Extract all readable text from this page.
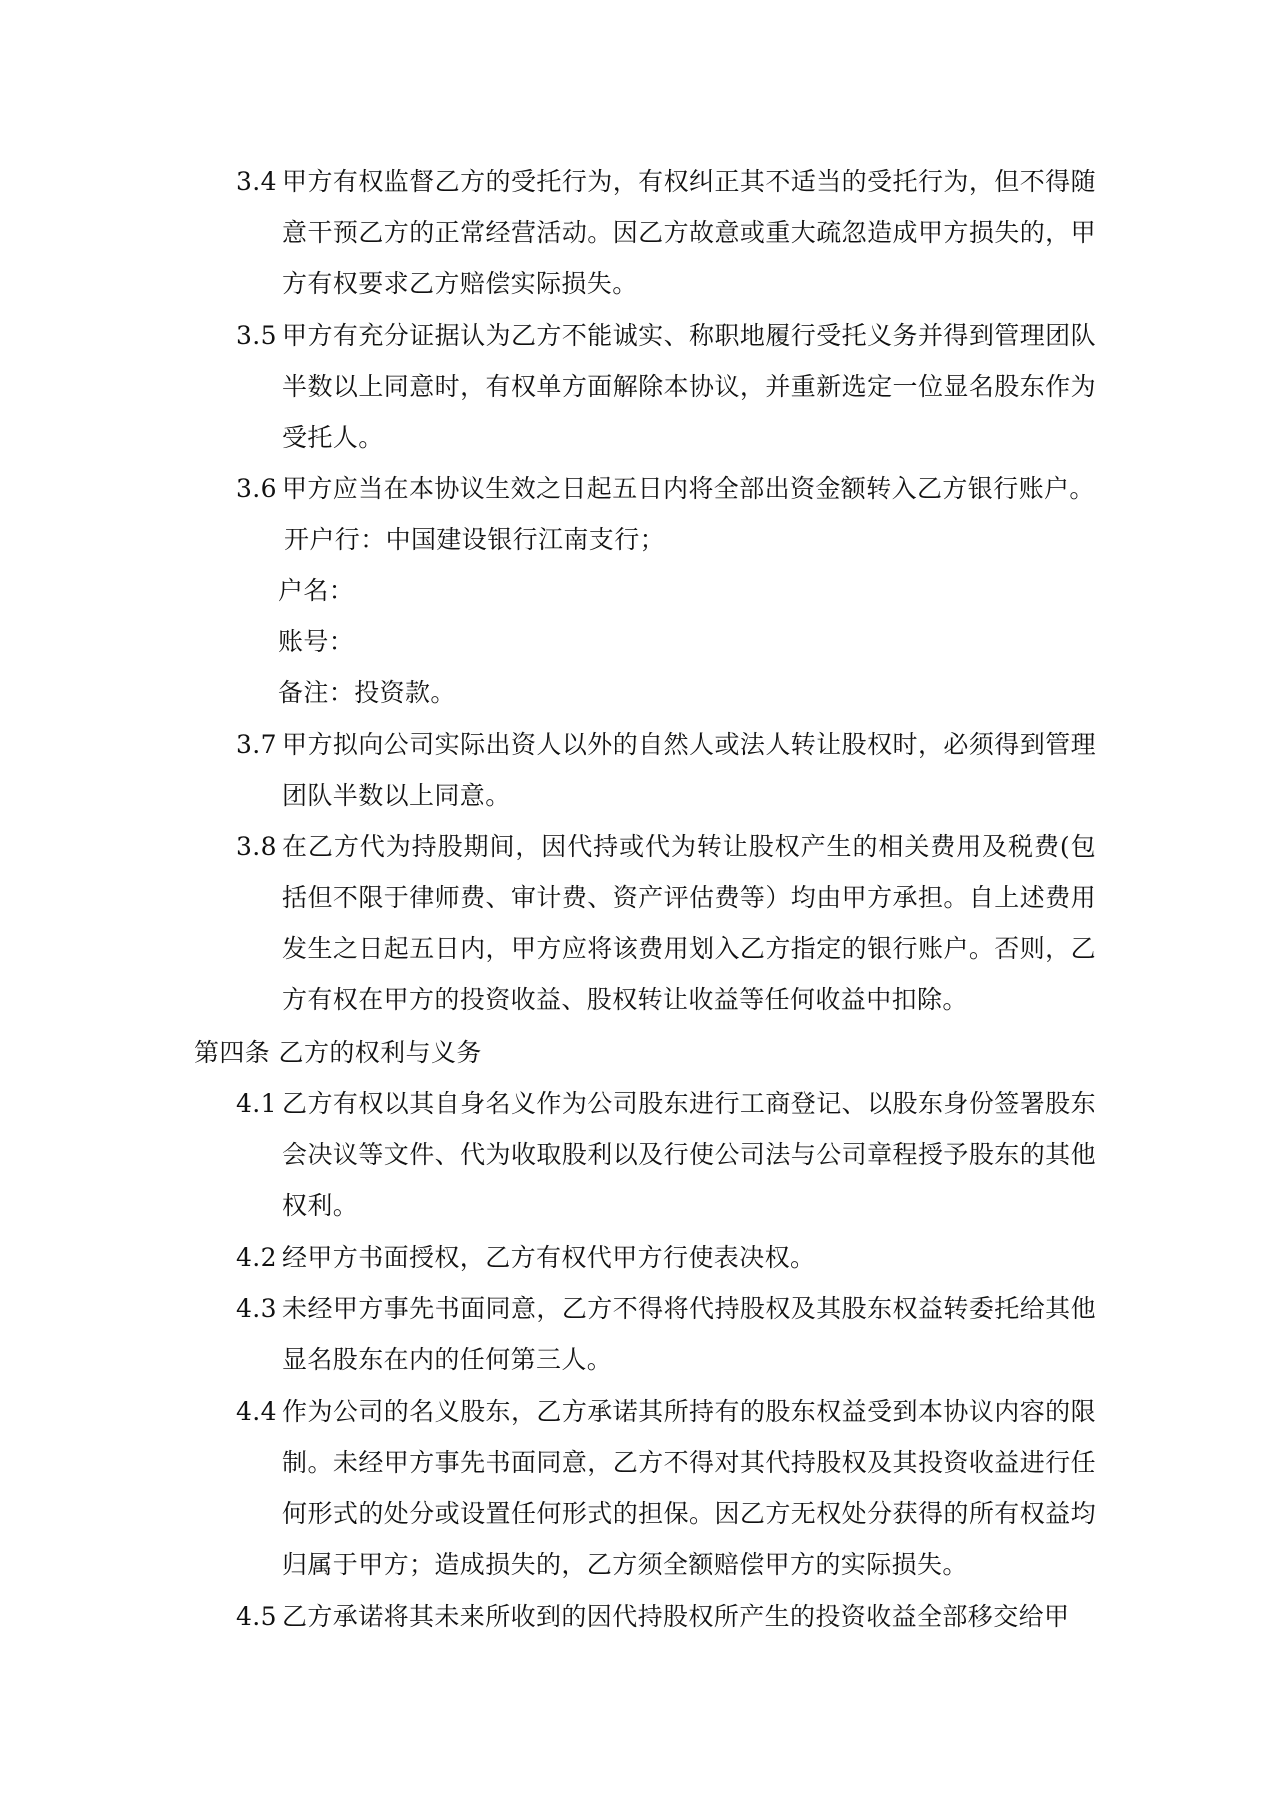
3.4 甲方有权监督乙方的受托行为，有权纠正其不适当的受托行为，但不得随意干预乙方的正常经营活动。因乙方故意或重大疏忽造成甲方损失的，甲方有权要求乙方赔偿实际损失。
3.5 甲方有充分证据认为乙方不能诚实、称职地履行受托义务并得到管理团队半数以上同意时，有权单方面解除本协议，并重新选定一位显名股东作为受托人。
3.6 甲方应当在本协议生效之日起五日内将全部出资金额转入乙方银行账户。
开户行：中国建设银行江南支行；
户名：
账号：
备注：投资款。
3.7 甲方拟向公司实际出资人以外的自然人或法人转让股权时，必须得到管理团队半数以上同意。
3.8 在乙方代为持股期间，因代持或代为转让股权产生的相关费用及税费(包括但不限于律师费、审计费、资产评估费等）均由甲方承担。自上述费用发生之日起五日内，甲方应将该费用划入乙方指定的银行账户。否则，乙方有权在甲方的投资收益、股权转让收益等任何收益中扣除。
第四条 乙方的权利与义务
4.1 乙方有权以其自身名义作为公司股东进行工商登记、以股东身份签署股东会决议等文件、代为收取股利以及行使公司法与公司章程授予股东的其他权利。
4.2 经甲方书面授权，乙方有权代甲方行使表决权。
4.3 未经甲方事先书面同意，乙方不得将代持股权及其股东权益转委托给其他显名股东在内的任何第三人。
4.4 作为公司的名义股东，乙方承诺其所持有的股东权益受到本协议内容的限制。未经甲方事先书面同意，乙方不得对其代持股权及其投资收益进行任何形式的处分或设置任何形式的担保。因乙方无权处分获得的所有权益均归属于甲方；造成损失的，乙方须全额赔偿甲方的实际损失。
4.5 乙方承诺将其未来所收到的因代持股权所产生的投资收益全部移交给甲
